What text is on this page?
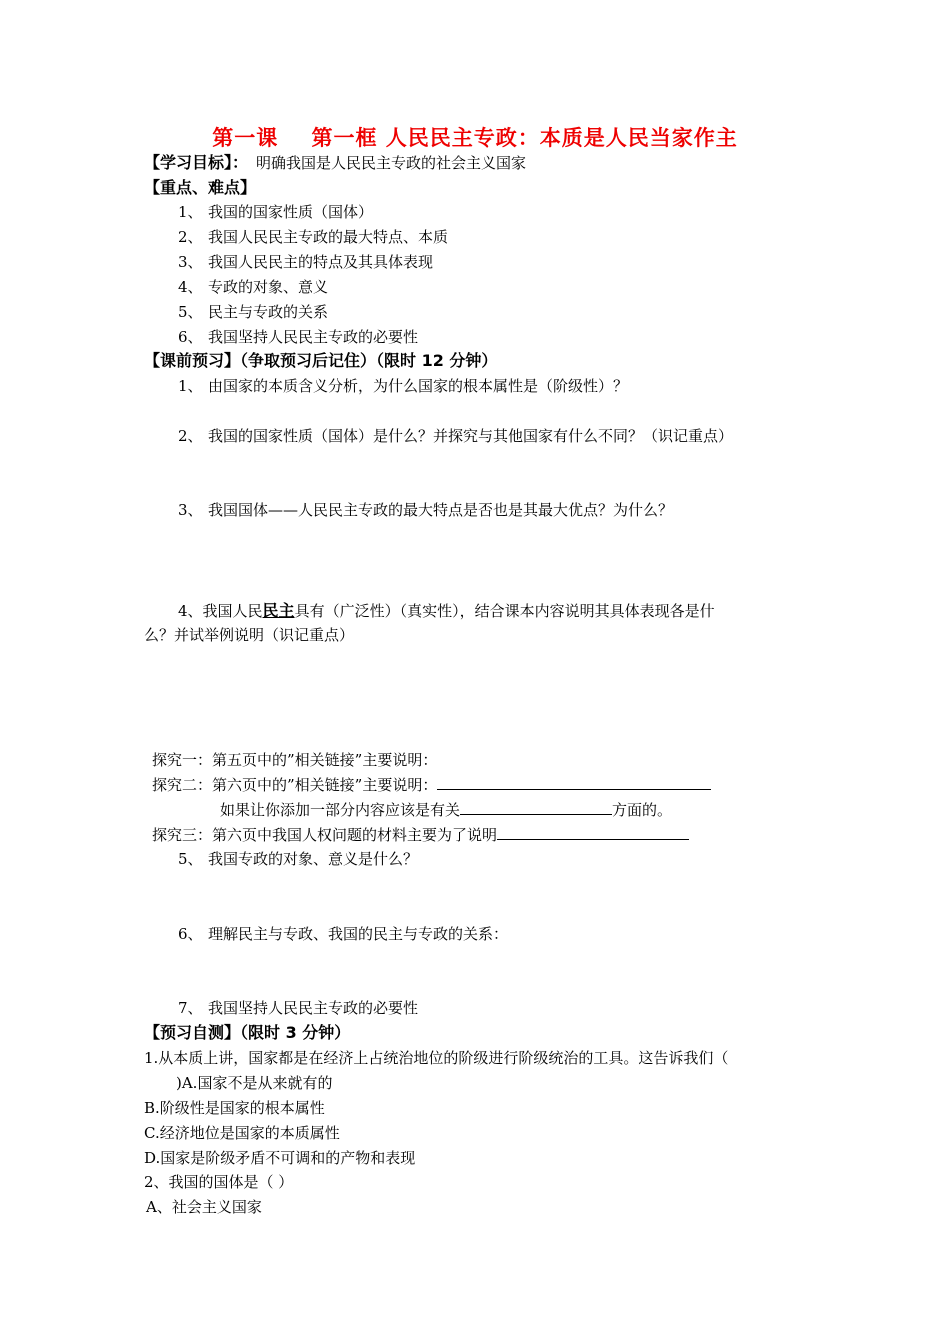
第一课    第一框 人民民主专政：本质是人民当家作主
【学习目标】： 明确我国是人民民主专政的社会主义国家
【重点、难点】
1、 我国的国家性质（国体）
2、 我国人民民主专政的最大特点、本质
3、 我国人民民主的特点及其具体表现
4、 专政的对象、意义
5、 民主与专政的关系
6、 我国坚持人民民主专政的必要性
【课前预习】（争取预习后记住）（限时 12 分钟）
1、 由国家的本质含义分析，为什么国家的根本属性是（阶级性）？
2、 我国的国家性质（国体）是什么？并探究与其他国家有什么不同？（识记重点）
3、 我国国体——人民民主专政的最大特点是否也是其最大优点？为什么？
4、我国人民民主具有（广泛性）（真实性），结合课本内容说明其具体表现各是什
么？并试举例说明（识记重点）
探究一：第五页中的”相关链接”主要说明：
探究二：第六页中的”相关链接”主要说明：
如果让你添加一部分内容应该是有关	方面的。
探究三：第六页中我国人权问题的材料主要为了说明
5、 我国专政的对象、意义是什么？
6、 理解民主与专政、我国的民主与专政的关系：
7、 我国坚持人民民主专政的必要性
【预习自测】（限时 3 分钟）
1.从本质上讲，国家都是在经济上占统治地位的阶级进行阶级统治的工具。这告诉我们（
)A.国家不是从来就有的
B.阶级性是国家的根本属性
C.经济地位是国家的本质属性
D.国家是阶级矛盾不可调和的产物和表现
2、我国的国体是（ ）
A、社会主义国家
